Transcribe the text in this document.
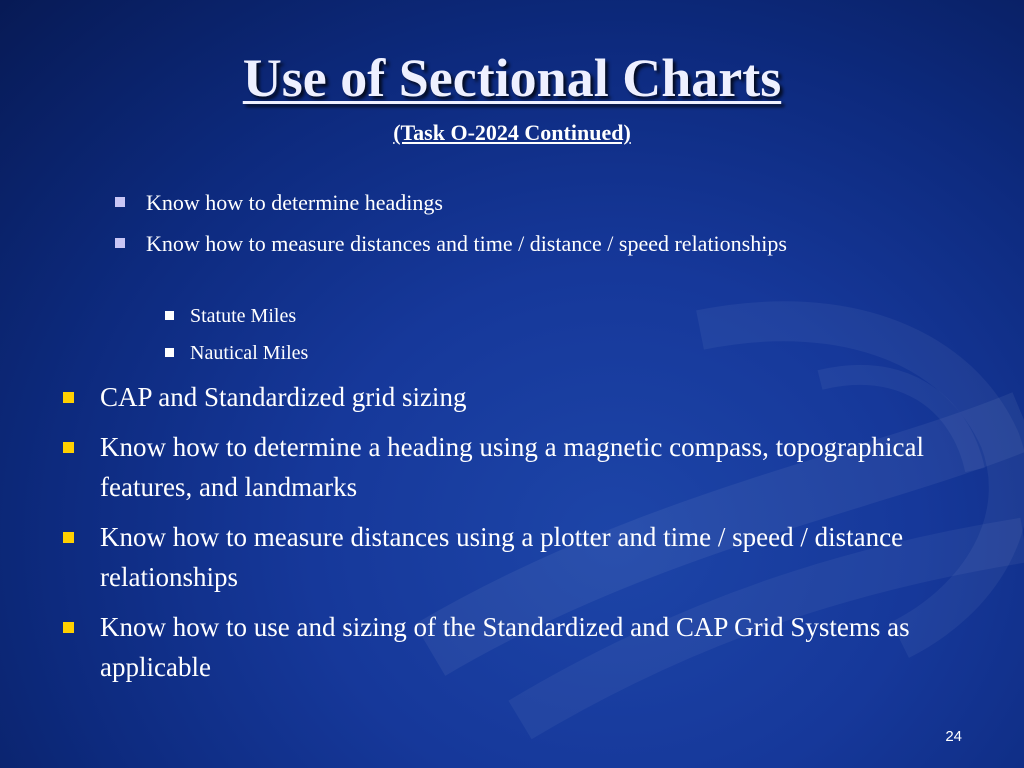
Use of Sectional Charts
(Task O-2024 Continued)
Know how to determine headings
Know how to measure distances and time / distance / speed relationships
Statute Miles
Nautical Miles
CAP and Standardized grid sizing
Know how to determine a heading using a magnetic compass, topographical features, and landmarks
Know how to measure distances using a plotter and time / speed / distance relationships
Know how to use and sizing of the Standardized and CAP Grid Systems as applicable
24
